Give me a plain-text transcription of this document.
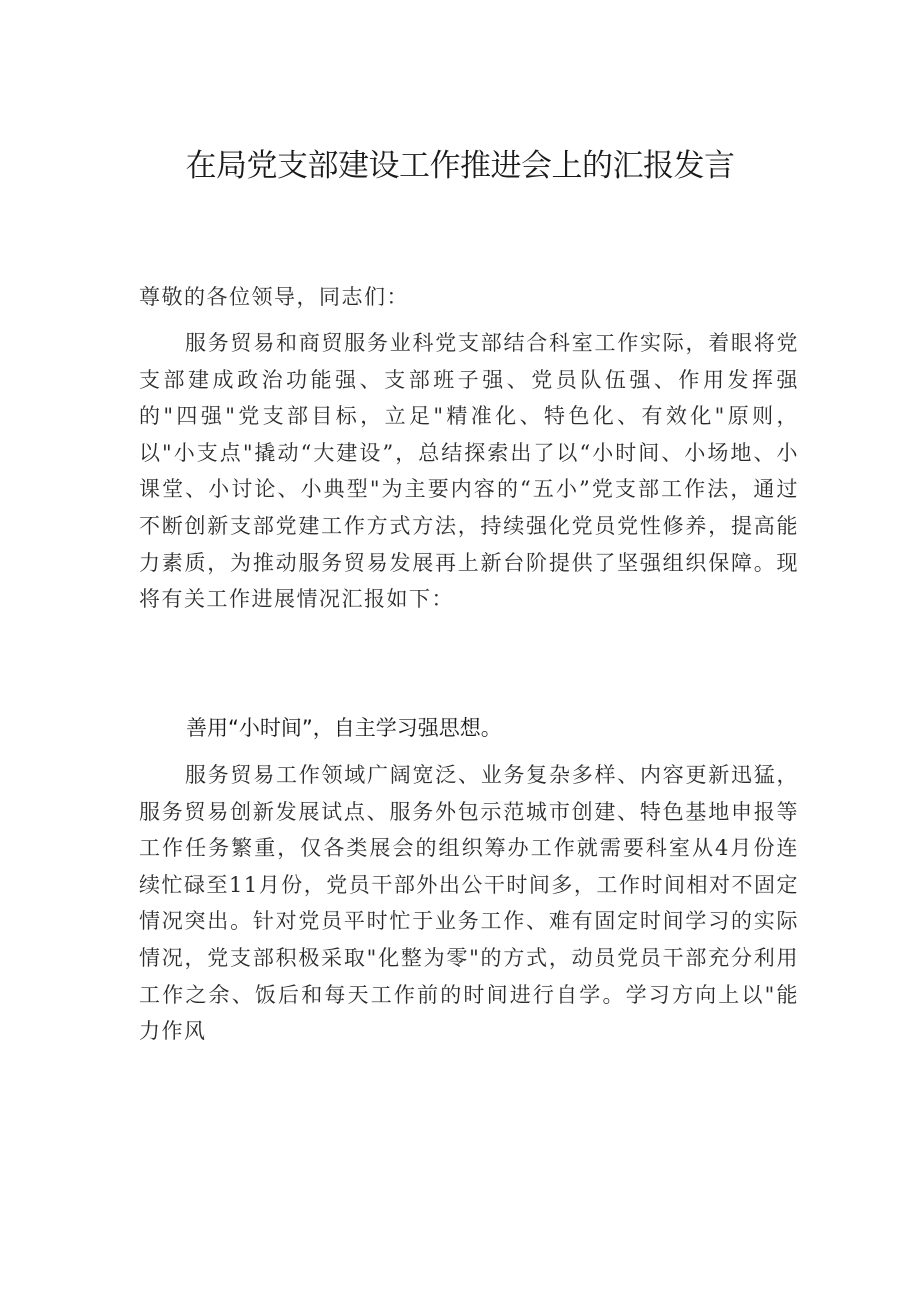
在局党支部建设工作推进会上的汇报发言
尊敬的各位领导，同志们：

服务贸易和商贸服务业科党支部结合科室工作实际，着眼将党支部建成政治功能强、支部班子强、党员队伍强、作用发挥强的"四强"党支部目标，立足"精准化、特色化、有效化"原则，以"小支点"撬动“大建设”，总结探索出了以“小时间、小场地、小课堂、小讨论、小典型"为主要内容的“五小”党支部工作法，通过不断创新支部党建工作方式方法，持续强化党员党性修养，提高能力素质，为推动服务贸易发展再上新台阶提供了坚强组织保障。现将有关工作进展情况汇报如下：

善用“小时间”，自主学习强思想。

服务贸易工作领域广阔宽泛、业务复杂多样、内容更新迅猛，服务贸易创新发展试点、服务外包示范城市创建、特色基地申报等工作任务繁重，仅各类展会的组织筹办工作就需要科室从4月份连续忙碌至11月份，党员干部外出公干时间多，工作时间相对不固定情况突出。针对党员平时忙于业务工作、难有固定时间学习的实际情况，党支部积极采取"化整为零"的方式，动员党员干部充分利用工作之余、饭后和每天工作前的时间进行自学。学习方向上以"能力作风
